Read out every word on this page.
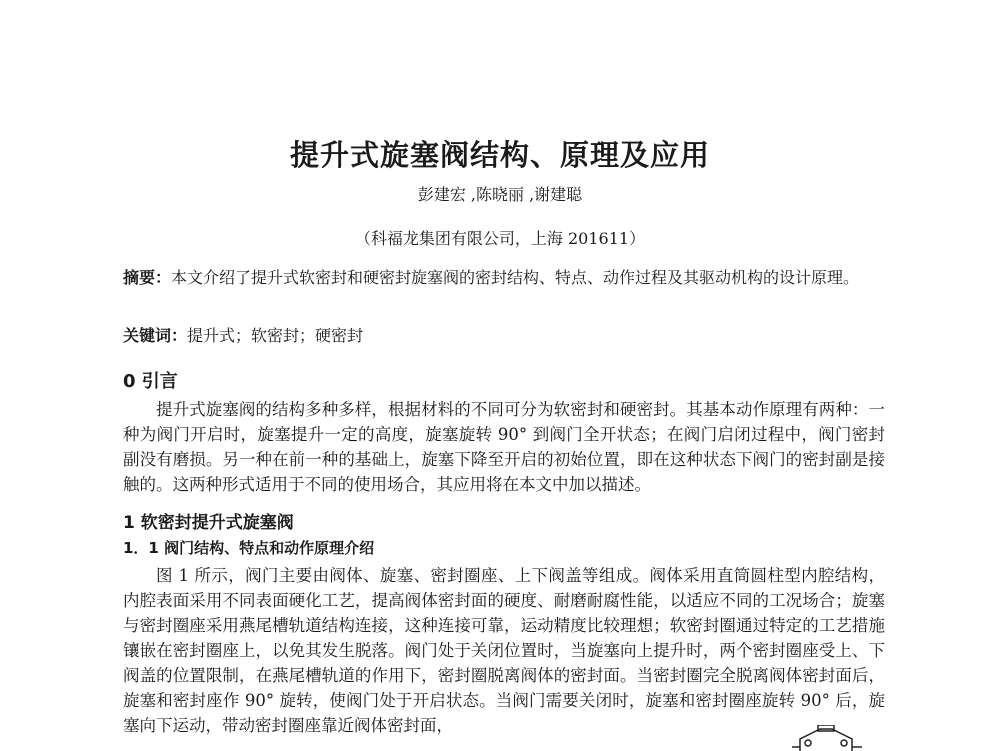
提升式旋塞阀结构、原理及应用
彭建宏 ,陈晓丽 ,谢建聪
（科福龙集团有限公司，上海 201611）
摘要：本文介绍了提升式软密封和硬密封旋塞阀的密封结构、特点、动作过程及其驱动机构的设计原理。
关键词：提升式；软密封；硬密封
0 引言

提升式旋塞阀的结构多种多样，根据材料的不同可分为软密封和硬密封。其基本动作原理有两种：一种为阀门开启时，旋塞提升一定的高度，旋塞旋转 90° 到阀门全开状态；在阀门启闭过程中，阀门密封副没有磨损。另一种在前一种的基础上，旋塞下降至开启的初始位置，即在这种状态下阀门的密封副是接触的。这两种形式适用于不同的使用场合，其应用将在本文中加以描述。

1 软密封提升式旋塞阀
1．1 阀门结构、特点和动作原理介绍

图 1 所示，阀门主要由阀体、旋塞、密封圈座、上下阀盖等组成。阀体采用直筒圆柱型内腔结构，内腔表面采用不同表面硬化工艺，提高阀体密封面的硬度、耐磨耐腐性能，以适应不同的工况场合；旋塞与密封圈座采用燕尾槽轨道结构连接，这种连接可靠，运动精度比较理想；软密封圈通过特定的工艺措施镶嵌在密封圈座上，以免其发生脱落。阀门处于关闭位置时，当旋塞向上提升时，两个密封圈座受上、下阀盖的位置限制，在燕尾槽轨道的作用下，密封圈脱离阀体的密封面。当密封圈完全脱离阀体密封面后，旋塞和密封座作 90° 旋转，使阀门处于开启状态。当阀门需要关闭时，旋塞和密封圈座旋转 90° 后，旋塞向下运动，带动密封圈座靠近阀体密封面，
